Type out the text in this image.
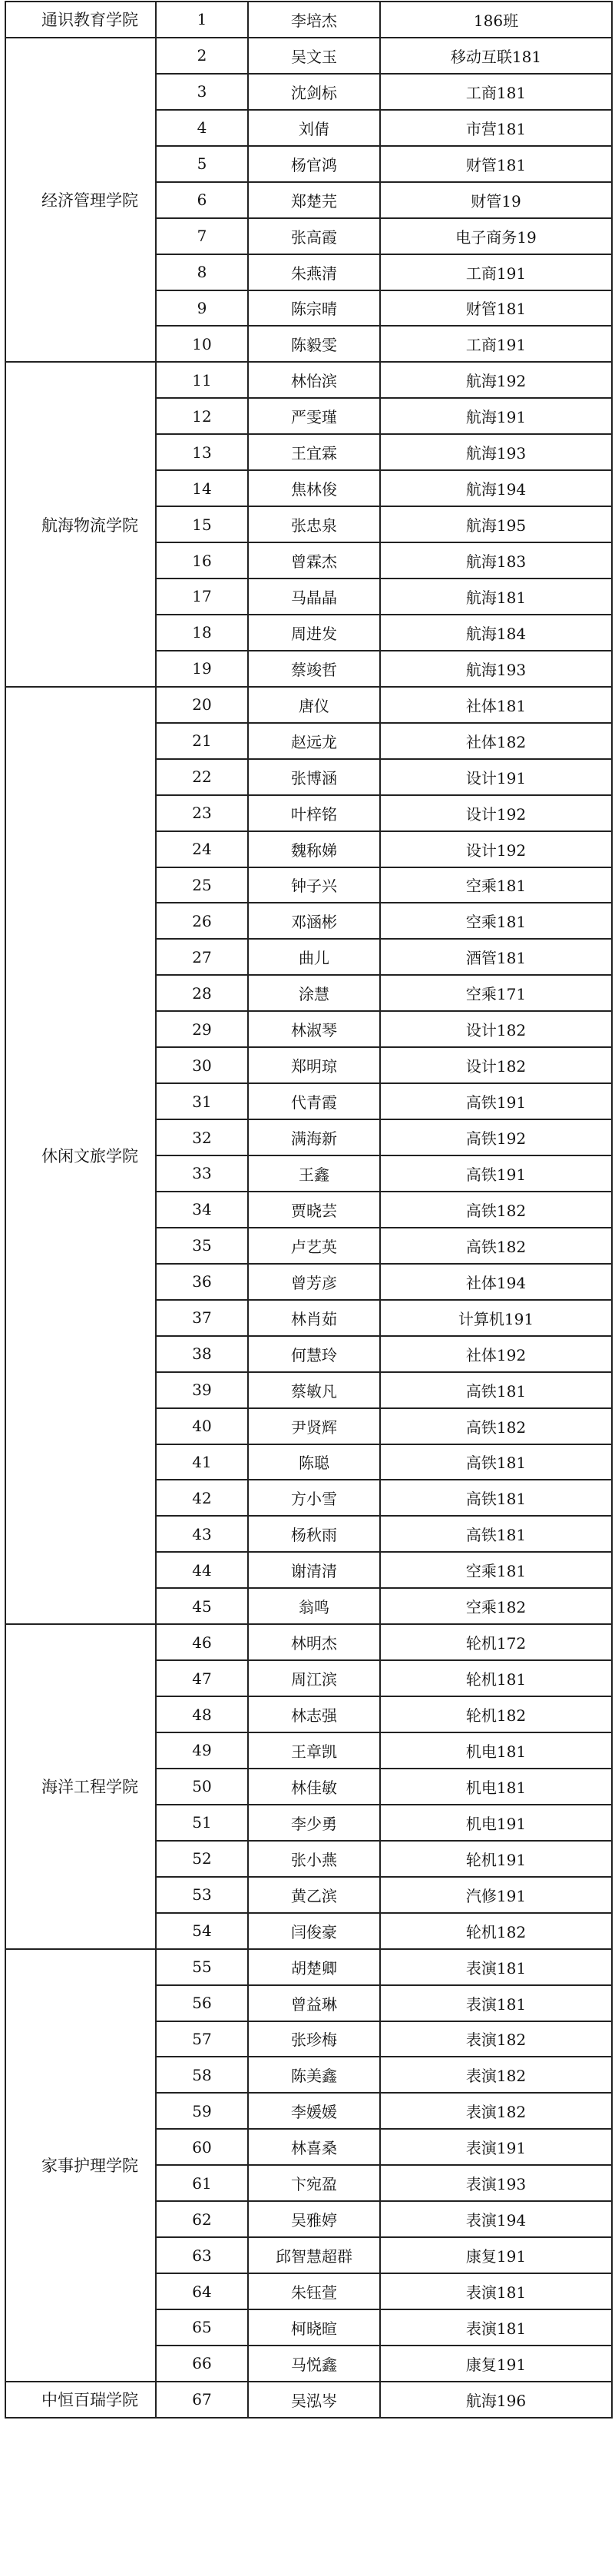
通识教育学院	1	李培杰	186班
经济管理学院	2	吴文玉	移动互联181
	3	沈剑标	工商181
	4	刘倩	市营181
	5	杨官鸿	财管181
	6	郑楚芫	财管19
	7	张高霞	电子商务19
	8	朱燕清	工商191
	9	陈宗晴	财管181
	10	陈毅雯	工商191
航海物流学院	11	林怡滨	航海192
	12	严雯瑾	航海191
	13	王宜霖	航海193
	14	焦林俊	航海194
	15	张忠泉	航海195
	16	曾霖杰	航海183
	17	马晶晶	航海181
	18	周进发	航海184
	19	蔡竣哲	航海193
休闲文旅学院	20	唐仪	社体181
	21	赵远龙	社体182
	22	张博涵	设计191
	23	叶梓铭	设计192
	24	魏称娣	设计192
	25	钟子兴	空乘181
	26	邓涵彬	空乘181
	27	曲儿	酒管181
	28	涂慧	空乘171
	29	林淑琴	设计182
	30	郑明琼	设计182
	31	代青霞	高铁191
	32	满海新	高铁192
	33	王鑫	高铁191
	34	贾晓芸	高铁182
	35	卢艺英	高铁182
	36	曾芳彦	社体194
	37	林肖茹	计算机191
	38	何慧玲	社体192
	39	蔡敏凡	高铁181
	40	尹贤辉	高铁182
	41	陈聪	高铁181
	42	方小雪	高铁181
	43	杨秋雨	高铁181
	44	谢清清	空乘181
	45	翁鸣	空乘182
海洋工程学院	46	林明杰	轮机172
	47	周江滨	轮机181
	48	林志强	轮机182
	49	王章凯	机电181
	50	林佳敏	机电181
	51	李少勇	机电191
	52	张小燕	轮机191
	53	黄乙滨	汽修191
	54	闫俊豪	轮机182
家事护理学院	55	胡楚卿	表演181
	56	曾益琳	表演181
	57	张珍梅	表演182
	58	陈美鑫	表演182
	59	李媛媛	表演182
	60	林喜桑	表演191
	61	卞宛盈	表演193
	62	吴雅婷	表演194
	63	邱智慧超群	康复191
	64	朱钰萱	表演181
	65	柯晓暄	表演181
	66	马悦鑫	康复191
中恒百瑞学院	67	吴泓岑	航海196
